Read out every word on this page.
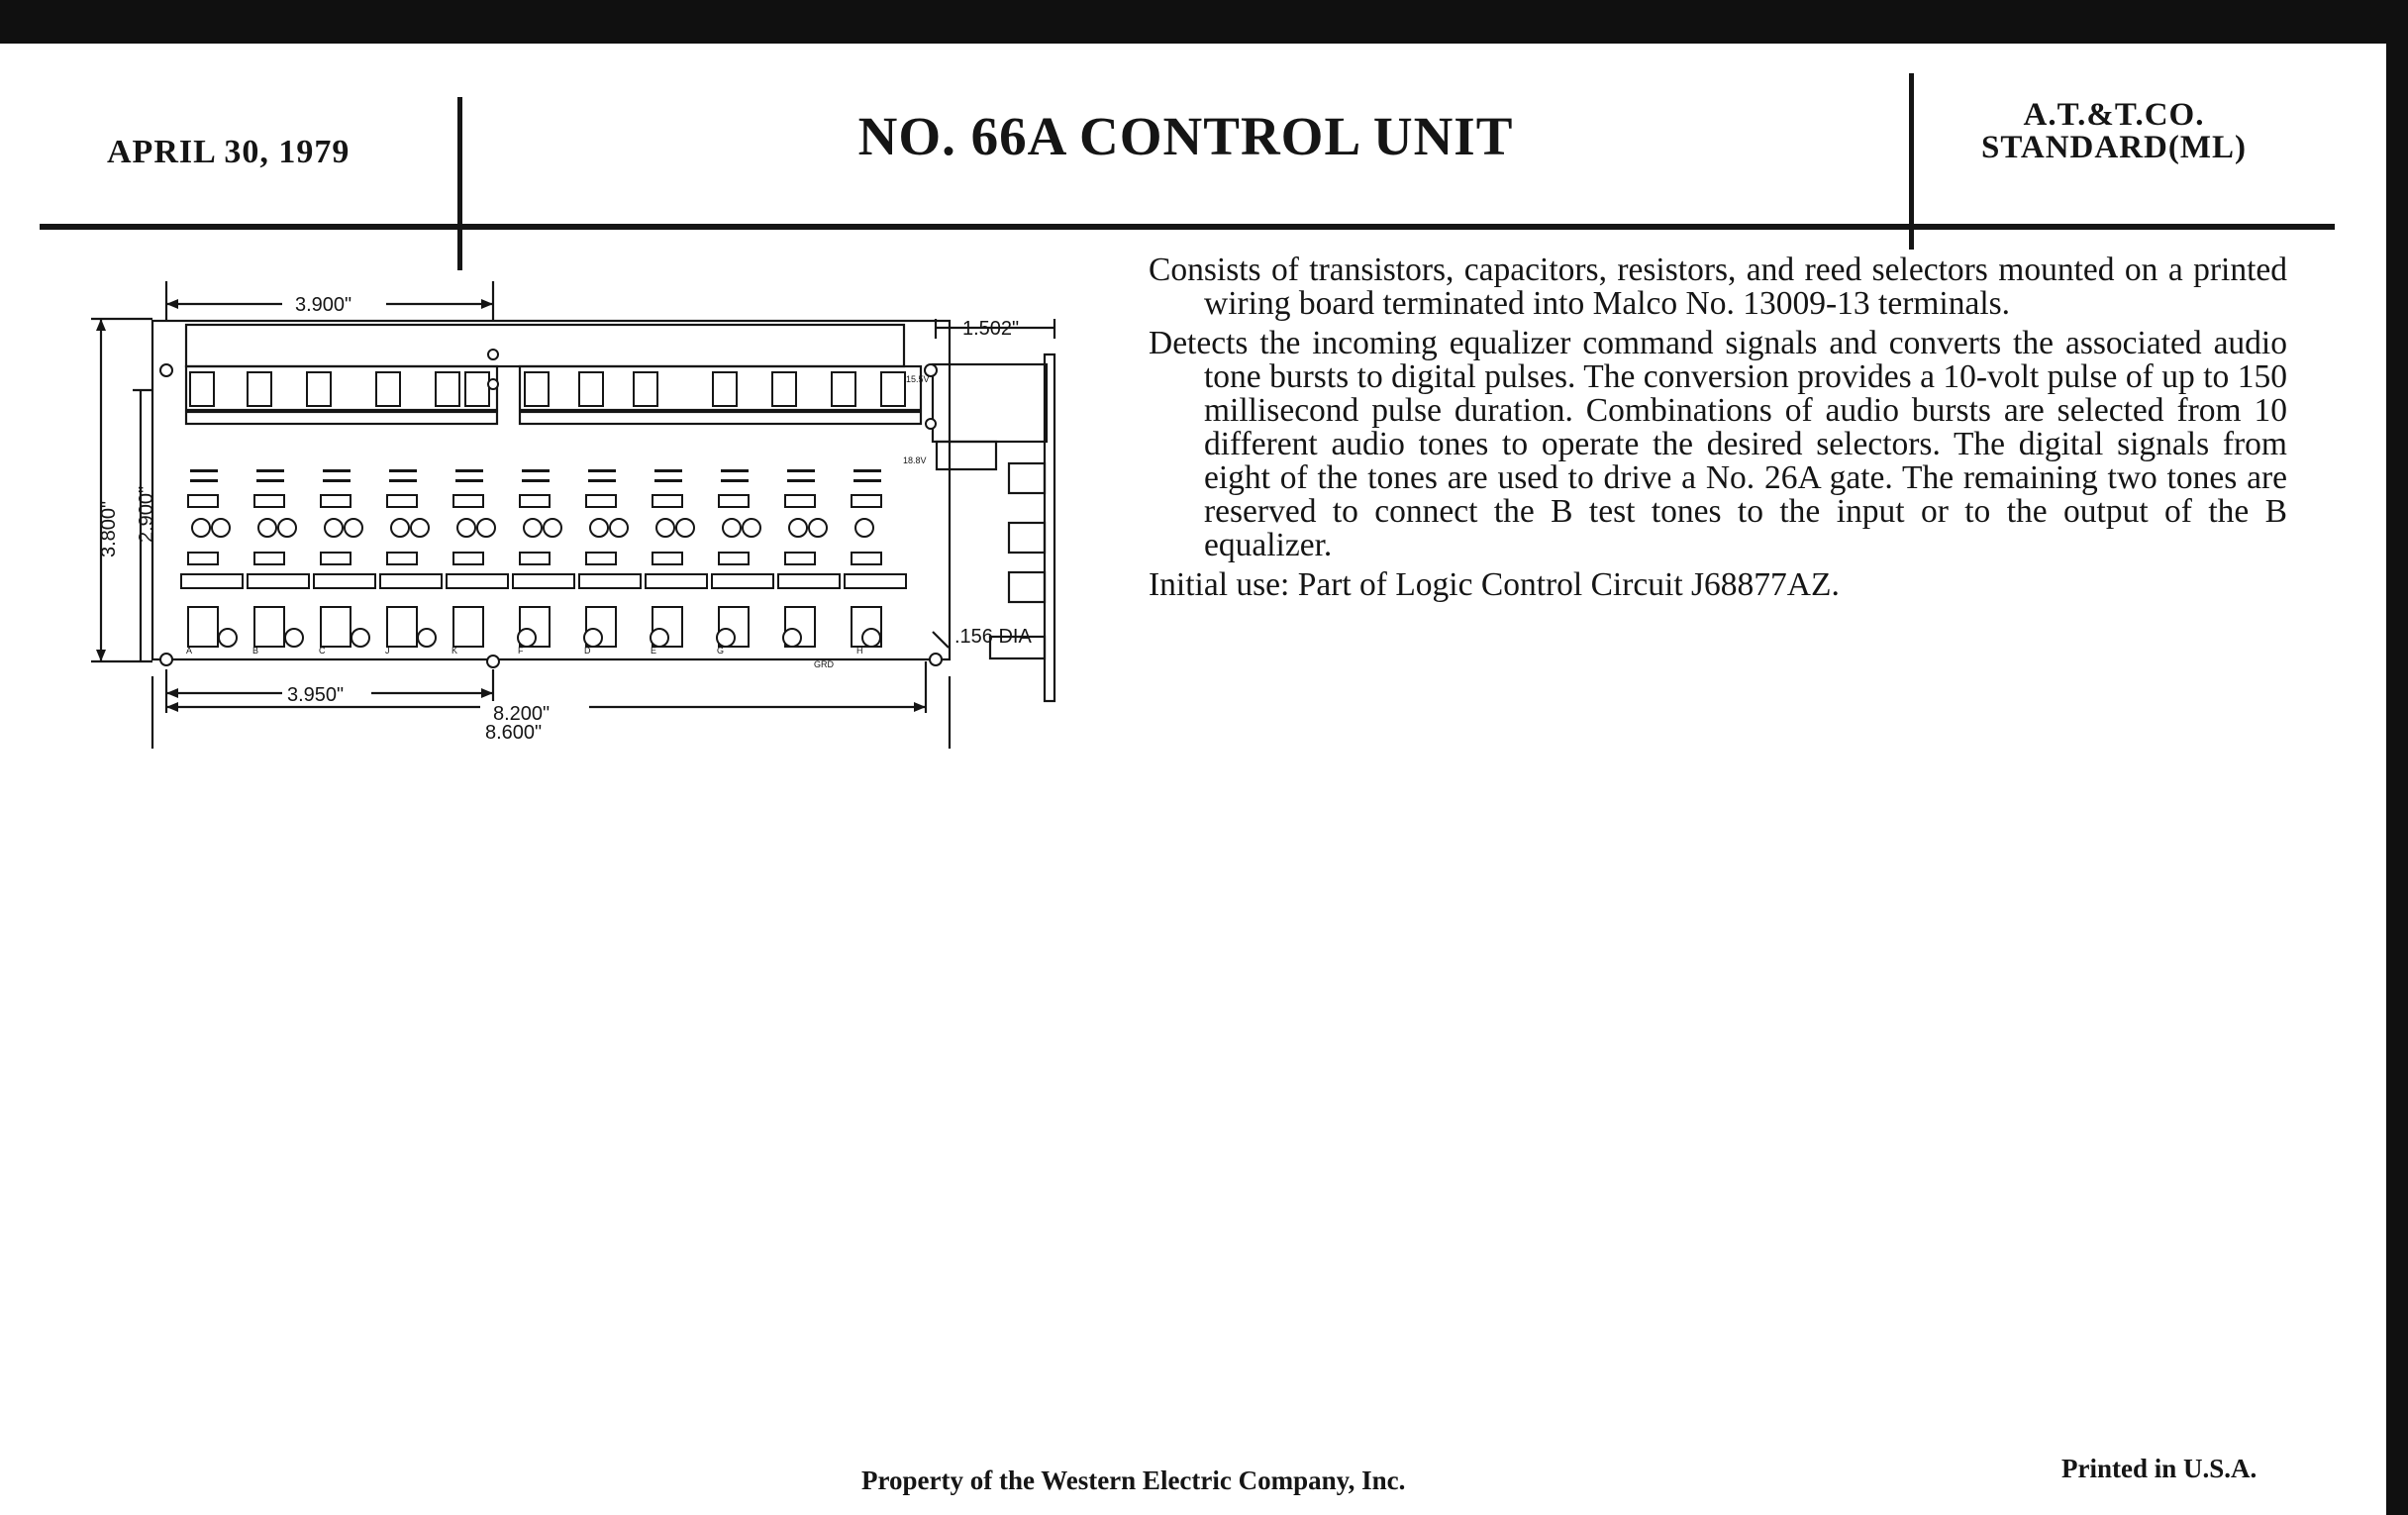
APRIL 30, 1979	NO. 66A CONTROL UNIT	A.T.&T.CO.
STANDARD(ML)
3.900"
3.950"
8.200"
8.600"
.156 DIA
1.502"
3.800" 2.900"
15.5V
18.8V
GRD
A	B	C	J	K	F	D	E	G	H

Consists of transistors, capacitors, resistors, and reed selectors mounted on a printed wiring board terminated into Malco No. 13009-13 terminals.

Detects the incoming equalizer command signals and converts the associated audio tone bursts to digital pulses. The conversion provides a 10-volt pulse of up to 150 millisecond pulse duration. Combinations of audio bursts are selected from 10 different audio tones to operate the desired selectors. The digital signals from eight of the tones are used to drive a No. 26A gate. The remaining two tones are reserved to connect the B test tones to the input or to the output of the B equalizer.

Initial use: Part of Logic Control Circuit J68877AZ.

Property of the Western Electric Company, Inc.	Printed in U.S.A.
